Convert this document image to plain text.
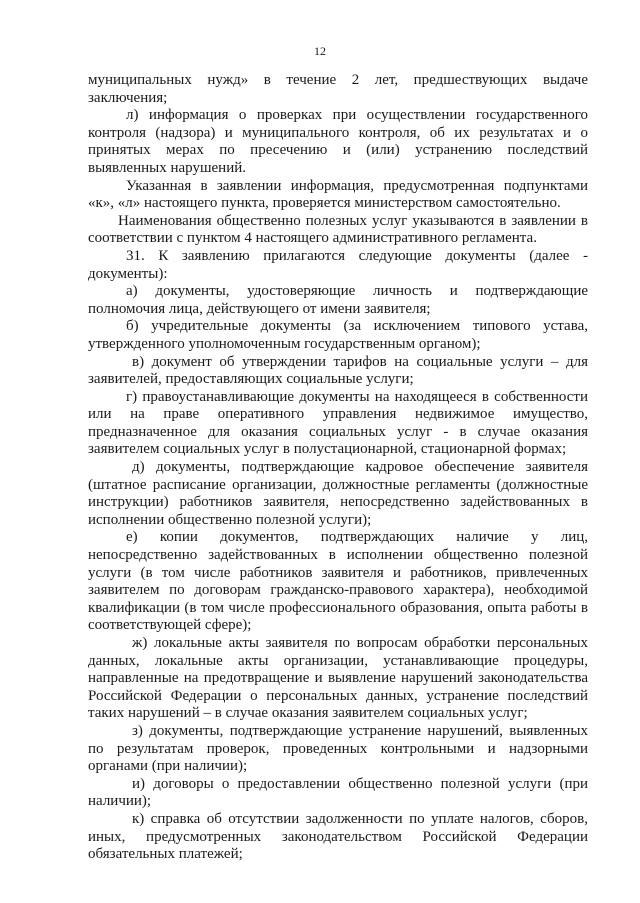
12

муниципальных нужд» в течение 2 лет, предшествующих выдаче заключения;

л) информация о проверках при осуществлении государственного контроля (надзора) и муниципального контроля, об их результатах и о принятых мерах по пресечению и (или) устранению последствий выявленных нарушений.

Указанная в заявлении информация, предусмотренная подпунктами «к», «л» настоящего пункта, проверяется министерством самостоятельно.

Наименования общественно полезных услуг указываются в заявлении в соответствии с пунктом 4 настоящего административного регламента.

31. К заявлению прилагаются следующие документы (далее - документы):

а) документы, удостоверяющие личность и подтверждающие полномочия лица, действующего от имени заявителя;

б) учредительные документы (за исключением типового устава, утвержденного уполномоченным государственным органом);

в) документ об утверждении тарифов на социальные услуги – для заявителей, предоставляющих социальные услуги;

г) правоустанавливающие документы на находящееся в собственности или на праве оперативного управления недвижимое имущество, предназначенное для оказания социальных услуг - в случае оказания заявителем социальных услуг в полустационарной, стационарной формах;

д) документы, подтверждающие кадровое обеспечение заявителя (штатное расписание организации, должностные регламенты (должностные инструкции) работников заявителя, непосредственно задействованных в исполнении общественно полезной услуги);

е) копии документов, подтверждающих наличие у лиц, непосредственно задействованных в исполнении общественно полезной услуги (в том числе работников заявителя и работников, привлеченных заявителем по договорам гражданско-правового характера), необходимой квалификации (в том числе профессионального образования, опыта работы в соответствующей сфере);

ж) локальные акты заявителя по вопросам обработки персональных данных, локальные акты организации, устанавливающие процедуры, направленные на предотвращение и выявление нарушений законодательства Российской Федерации о персональных данных, устранение последствий таких нарушений – в случае оказания заявителем социальных услуг;

з) документы, подтверждающие устранение нарушений, выявленных по результатам проверок, проведенных контрольными и надзорными органами (при наличии);

и) договоры о предоставлении общественно полезной услуги (при наличии);

к) справка об отсутствии задолженности по уплате налогов, сборов, иных, предусмотренных законодательством Российской Федерации обязательных платежей;
